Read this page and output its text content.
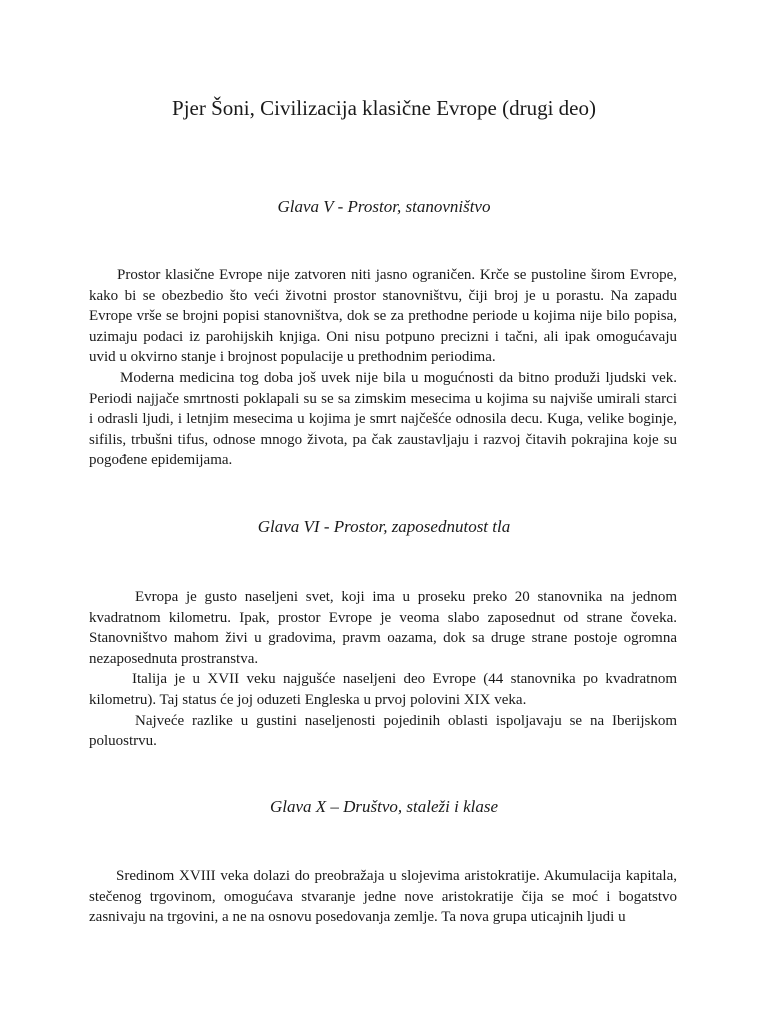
Pjer Šoni, Civilizacija klasične Evrope (drugi deo)
Glava V - Prostor, stanovništvo

Prostor klasične Evrope nije zatvoren niti jasno ograničen. Krče se pustoline širom Evrope, kako bi se obezbedio što veći životni prostor stanovništvu, čiji broj je u porastu. Na zapadu Evrope vrše se brojni popisi stanovništva, dok se za prethodne periode u kojima nije bilo popisa, uzimaju podaci iz parohijskih knjiga. Oni nisu potpuno precizni i tačni, ali ipak omogućavaju uvid u okvirno stanje i brojnost populacije u prethodnim periodima.

Moderna medicina tog doba još uvek nije bila u mogućnosti da bitno produži ljudski vek. Periodi najjače smrtnosti poklapali su se sa zimskim mesecima u kojima su najviše umirali starci i odrasli ljudi, i letnjim mesecima u kojima je smrt najčešće odnosila decu. Kuga, velike boginje, sifilis, trbušni tifus, odnose mnogo života, pa čak zaustavljaju i razvoj čitavih pokrajina koje su pogođene epidemijama.

Glava VI - Prostor, zaposednutost tla

Evropa je gusto naseljeni svet, koji ima u proseku preko 20 stanovnika na jednom kvadratnom kilometru. Ipak, prostor Evrope je veoma slabo zaposednut od strane čoveka. Stanovništvo mahom živi u gradovima, pravm oazama, dok sa druge strane postoje ogromna nezaposednuta prostranstva.

Italija je u XVII veku najgušće naseljeni deo Evrope (44 stanovnika po kvadratnom kilometru). Taj status će joj oduzeti Engleska u prvoj polovini XIX veka.

Najveće razlike u gustini naseljenosti pojedinih oblasti ispoljavaju se na Iberijskom poluostrvu.

Glava X – Društvo, staleži i klase

Sredinom XVIII veka dolazi do preobražaja u slojevima aristokratije. Akumulacija kapitala, stečenog trgovinom, omogućava stvaranje jedne nove aristokratije čija se moć i bogatstvo zasnivaju na trgovini, a ne na osnovu posedovanja zemlje. Ta nova grupa uticajnih ljudi u
